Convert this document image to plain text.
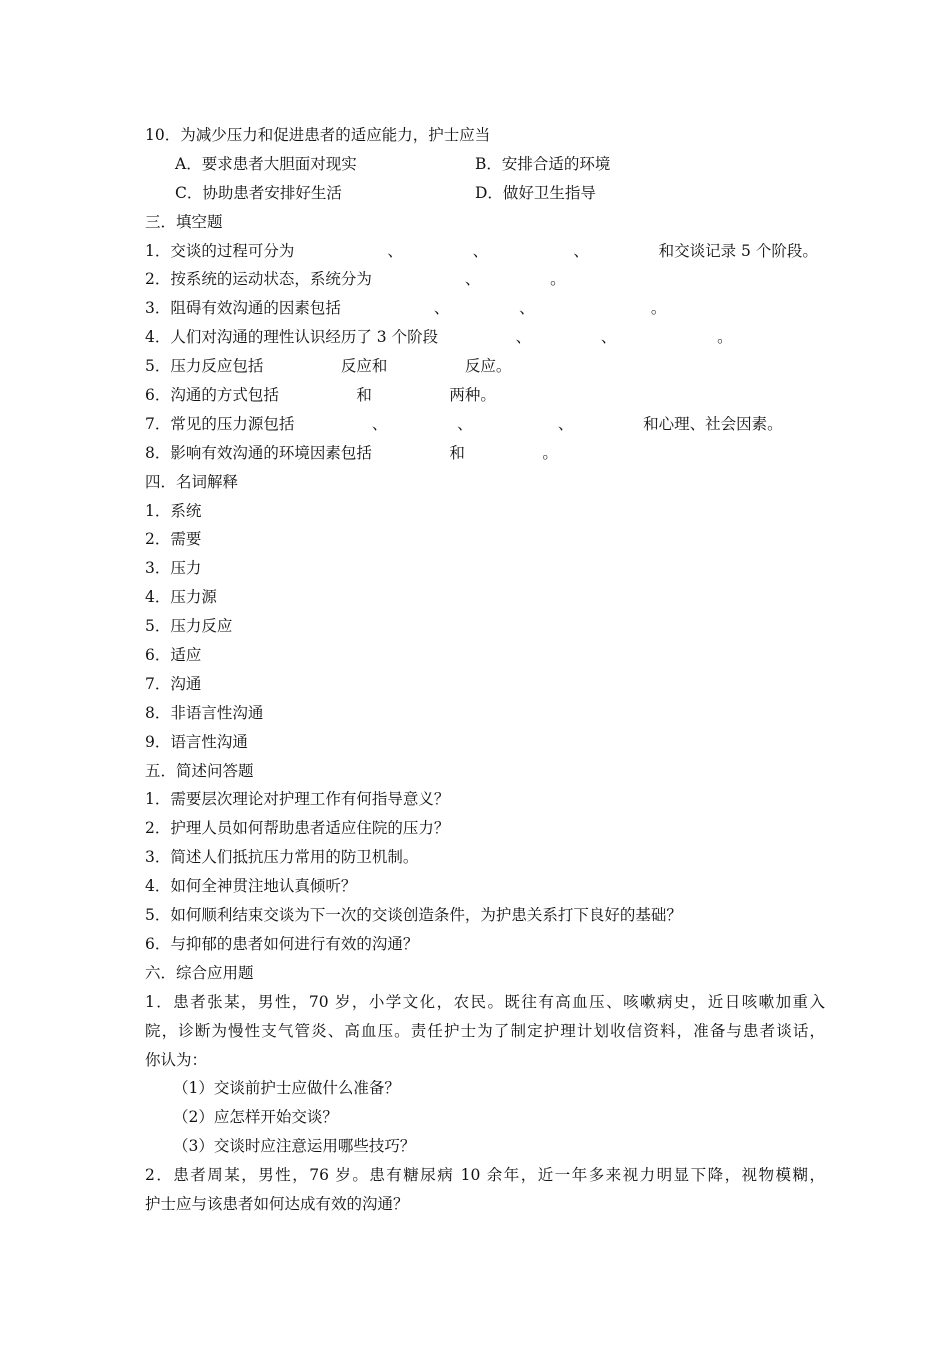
10．为减少压力和促进患者的适应能力，护士应当
A．要求患者大胆面对现实	B．安排合适的环境
C．协助患者安排好生活	D．做好卫生指导
三．填空题
1．交谈的过程可分为　　　　　　、　　　　　、　　　　　　、　　　　　和交谈记录 5 个阶段。
2．按系统的运动状态，系统分为　　　　　　、　　　　　。
3．阻碍有效沟通的因素包括　　　　　　、　　　　　、　　　　　　　　。
4．人们对沟通的理性认识经历了 3 个阶段　　　　　、　　　　　、　　　　　　　。
5．压力反应包括　　　　　反应和　　　　　反应。
6．沟通的方式包括　　　　　和　　　　　两种。
7．常见的压力源包括　　　　　、　　　　　、　　　　　　、　　　　　和心理、社会因素。
8．影响有效沟通的环境因素包括　　　　　和　　　　　。
四．名词解释
1．系统
2．需要
3．压力
4．压力源
5．压力反应
6．适应
7．沟通
8．非语言性沟通
9．语言性沟通
五．简述问答题
1．需要层次理论对护理工作有何指导意义？
2．护理人员如何帮助患者适应住院的压力？
3．简述人们抵抗压力常用的防卫机制。
4．如何全神贯注地认真倾听？
5．如何顺利结束交谈为下一次的交谈创造条件，为护患关系打下良好的基础？
6．与抑郁的患者如何进行有效的沟通？
六．综合应用题
1．患者张某，男性，70 岁，小学文化，农民。既往有高血压、咳嗽病史，近日咳嗽加重入
院，诊断为慢性支气管炎、高血压。责任护士为了制定护理计划收信资料，准备与患者谈话，
你认为：
（1）交谈前护士应做什么准备？
（2）应怎样开始交谈？
（3）交谈时应注意运用哪些技巧？
2．患者周某，男性，76 岁。患有糖尿病 10 余年，近一年多来视力明显下降，视物模糊，
护士应与该患者如何达成有效的沟通？
